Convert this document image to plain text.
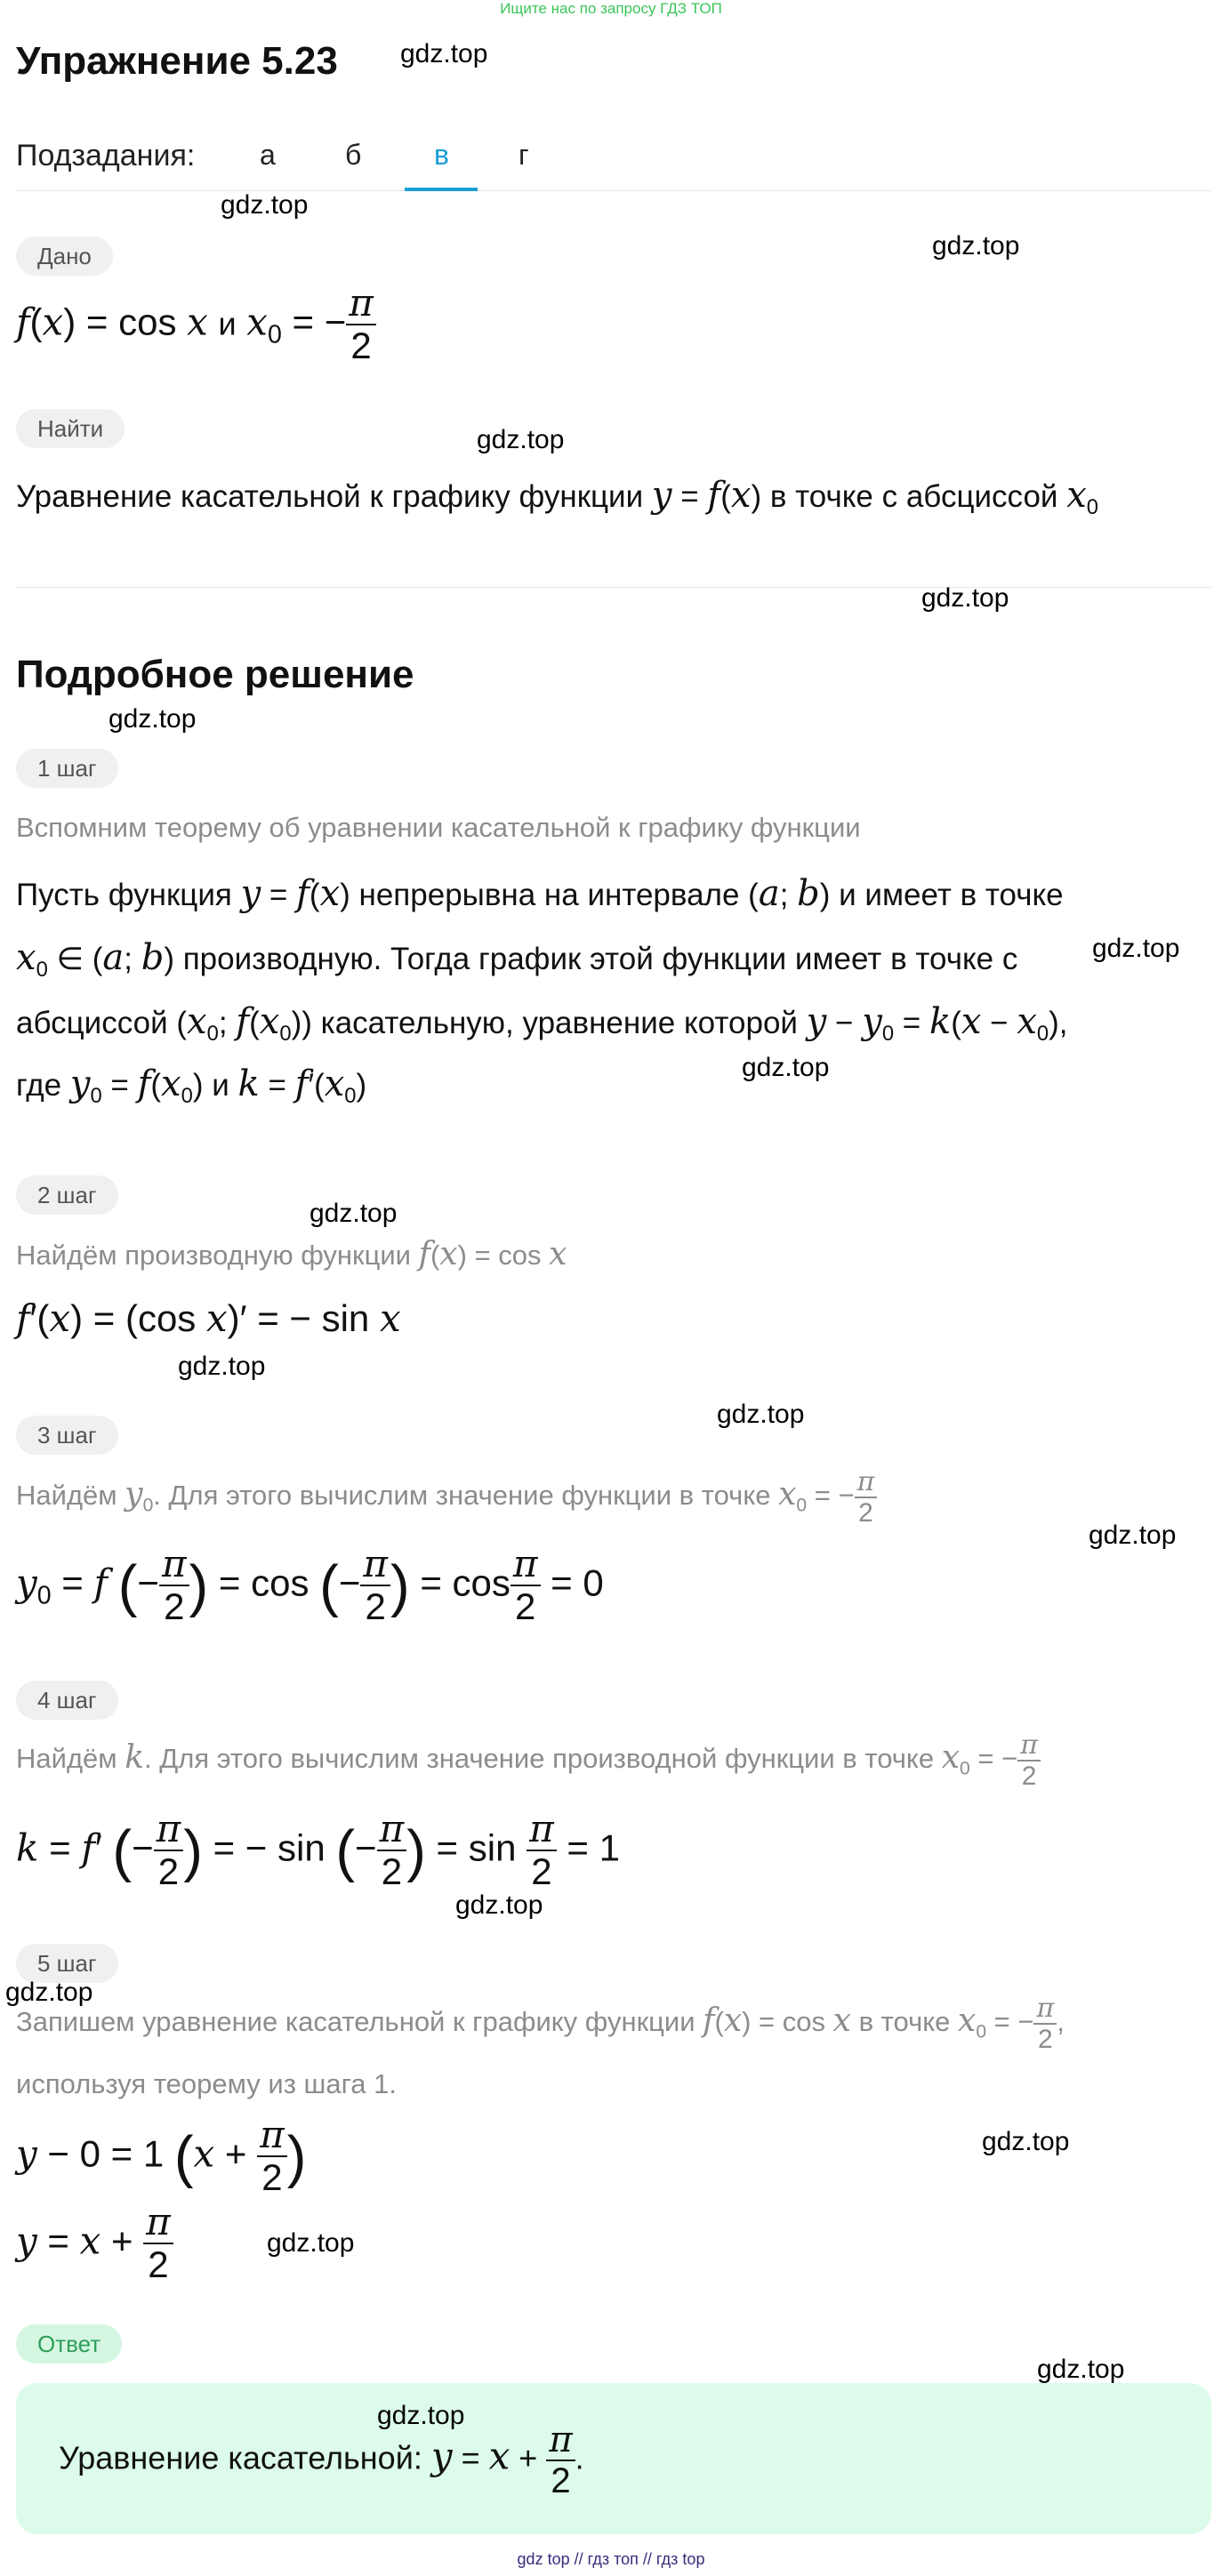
Ищите нас по запросу ГДЗ ТОП
Упражнение 5.23
Подзадания: а б	в г
Дано
f(x) = cos x и $x_0$ = − $\frac{\pi}{2}$
Найти
Уравнение касательной к графику функции y = f(x) в точке с абсциссой $x_0$
Подробное решение
1 шаг
Вспомним теорему об уравнении касательной к графику функции
Пусть функция y = f(x) непрерывна на интервале (a; b) и имеет в точке
$x_0$ ∈ (a; b) производную. Тогда график этой функции имеет в точке с
абсциссой ($x_0$; $f(x_0)$) касательную, уравнение которой $y - y_0 = k(x - x_0)$,
где $y_0 = f(x_0)$ и $k = f'(x_0)$
2 шаг
Найдём производную функции f(x) = cos x
f′(x) = (cos x)′ = − sin x
3 шаг
Найдём $y_0$. Для этого вычислим значение функции в точке $x_0$ = − $\frac{\pi}{2}$
$y_0 = f$ (− $\frac{\pi}{2}$ ) = cos (− $\frac{\pi}{2}$ ) = $\cos \frac{\pi}{2} = 0$
4 шаг
Найдём k. Для этого вычислим значение производной функции в точке $x_0$ = − $\frac{\pi}{2}$
k = f′ (− $\frac{\pi}{2}$ ) = − sin (− $\frac{\pi}{2}$ ) = $\sin \frac{\pi}{2} = 1$
5 шаг
Запишем уравнение касательной к графику функции f(x) = cos x в точке $x_0$ = − $\frac{\pi}{2}$ ,
используя теорему из шага 1.
y − 0 = 1 ($x + \frac{\pi}{2}$ )
$y = x + \frac{\pi}{2}$
Ответ
Уравнение касательной: $y = x + \frac{\pi}{2}$ .
gdz top // гдз топ // гдз top
gdz.top
gdz.top
gdz.top
gdz.top
gdz.top
gdz.top
gdz.top
gdz.top
gdz.top
gdz.top
gdz.top
gdz.top
gdz.top
gdz.top
gdz.top
gdz.top
gdz.top
gdz.top
